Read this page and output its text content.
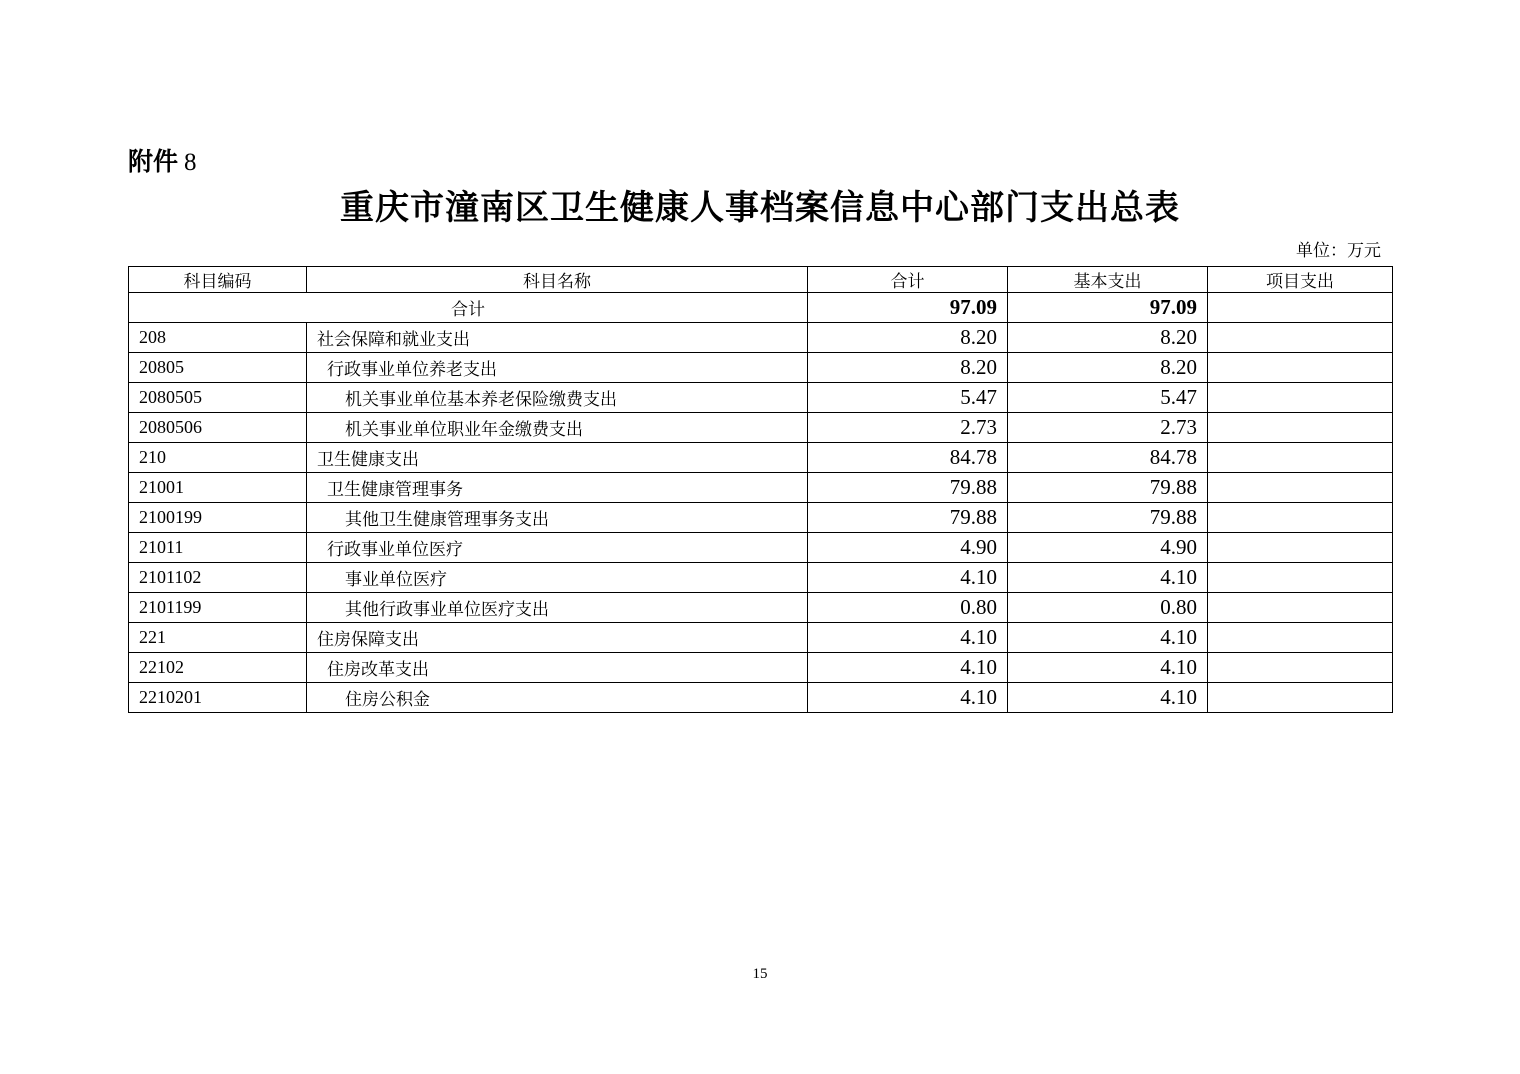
附件 8
重庆市潼南区卫生健康人事档案信息中心部门支出总表
单位：万元
科目编码	科目名称	合计	基本支出	项目支出
合计		97.09	97.09	
208	社会保障和就业支出	8.20	8.20	
20805	行政事业单位养老支出	8.20	8.20	
2080505	机关事业单位基本养老保险缴费支出	5.47	5.47	
2080506	机关事业单位职业年金缴费支出	2.73	2.73	
210	卫生健康支出	84.78	84.78	
21001	卫生健康管理事务	79.88	79.88	
2100199	其他卫生健康管理事务支出	79.88	79.88	
21011	行政事业单位医疗	4.90	4.90	
2101102	事业单位医疗	4.10	4.10	
2101199	其他行政事业单位医疗支出	0.80	0.80	
221	住房保障支出	4.10	4.10	
22102	住房改革支出	4.10	4.10	
2210201	住房公积金	4.10	4.10	
15
